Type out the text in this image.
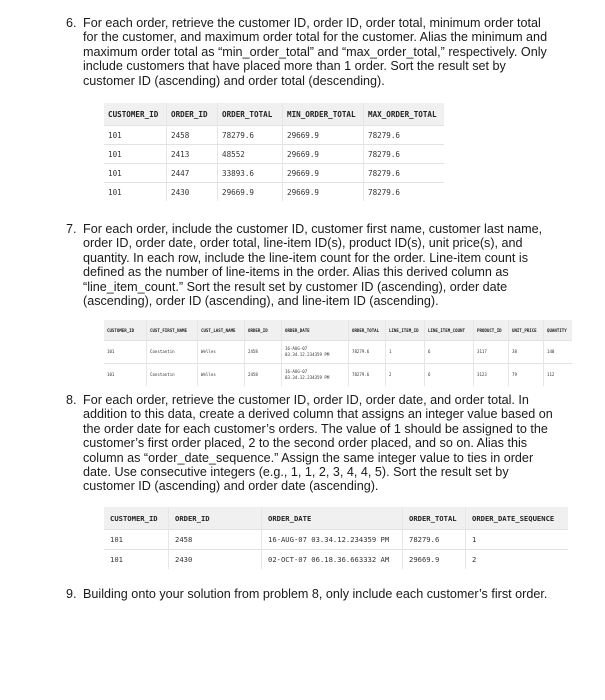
6. For each order, retrieve the customer ID, order ID, order total, minimum order total for the customer, and maximum order total for the customer. Alias the minimum and maximum order total as “min_order_total” and “max_order_total,” respectively. Only include customers that have placed more than 1 order. Sort the result set by customer ID (ascending) and order total (descending).

CUSTOMER_ID	ORDER_ID	ORDER_TOTAL	MIN_ORDER_TOTAL	MAX_ORDER_TOTAL
101	2458	78279.6	29669.9	78279.6
101	2413	48552	29669.9	78279.6
101	2447	33893.6	29669.9	78279.6
101	2430	29669.9	29669.9	78279.6
7. For each order, include the customer ID, customer first name, customer last name, order ID, order date, order total, line-item ID(s), product ID(s), unit price(s), and quantity. In each row, include the line-item count for the order. Line-item count is defined as the number of line-items in the order. Alias this derived column as “line_item_count.” Sort the result set by customer ID (ascending), order date (ascending), order ID (ascending), and line-item ID (ascending).

CUSTOMER_ID	CUST_FIRST_NAME	CUST_LAST_NAME	ORDER_ID	ORDER_DATE	ORDER_TOTAL	LINE_ITEM_ID	LINE_ITEM_COUNT	PRODUCT_ID	UNIT_PRICE	QUANTITY
101	Constantin	Welles	2458	16-AUG-07 03.34.12.234359 PM	78279.6	1	6	3117	38	140
101	Constantin	Welles	2458	16-AUG-07 03.34.12.234359 PM	78279.6	2	6	3123	79	112
8. For each order, retrieve the customer ID, order ID, order date, and order total. In addition to this data, create a derived column that assigns an integer value based on the order date for each customer’s orders. The value of 1 should be assigned to the customer’s first order placed, 2 to the second order placed, and so on. Alias this column as “order_date_sequence.” Assign the same integer value to ties in order date. Use consecutive integers (e.g., 1, 1, 2, 3, 4, 4, 5). Sort the result set by customer ID (ascending) and order date (ascending).

CUSTOMER_ID	ORDER_ID	ORDER_DATE	ORDER_TOTAL	ORDER_DATE_SEQUENCE
101	2458	16-AUG-07 03.34.12.234359 PM	78279.6	1
101	2430	02-OCT-07 06.18.36.663332 AM	29669.9	2
9. Building onto your solution from problem 8, only include each customer’s first order.
